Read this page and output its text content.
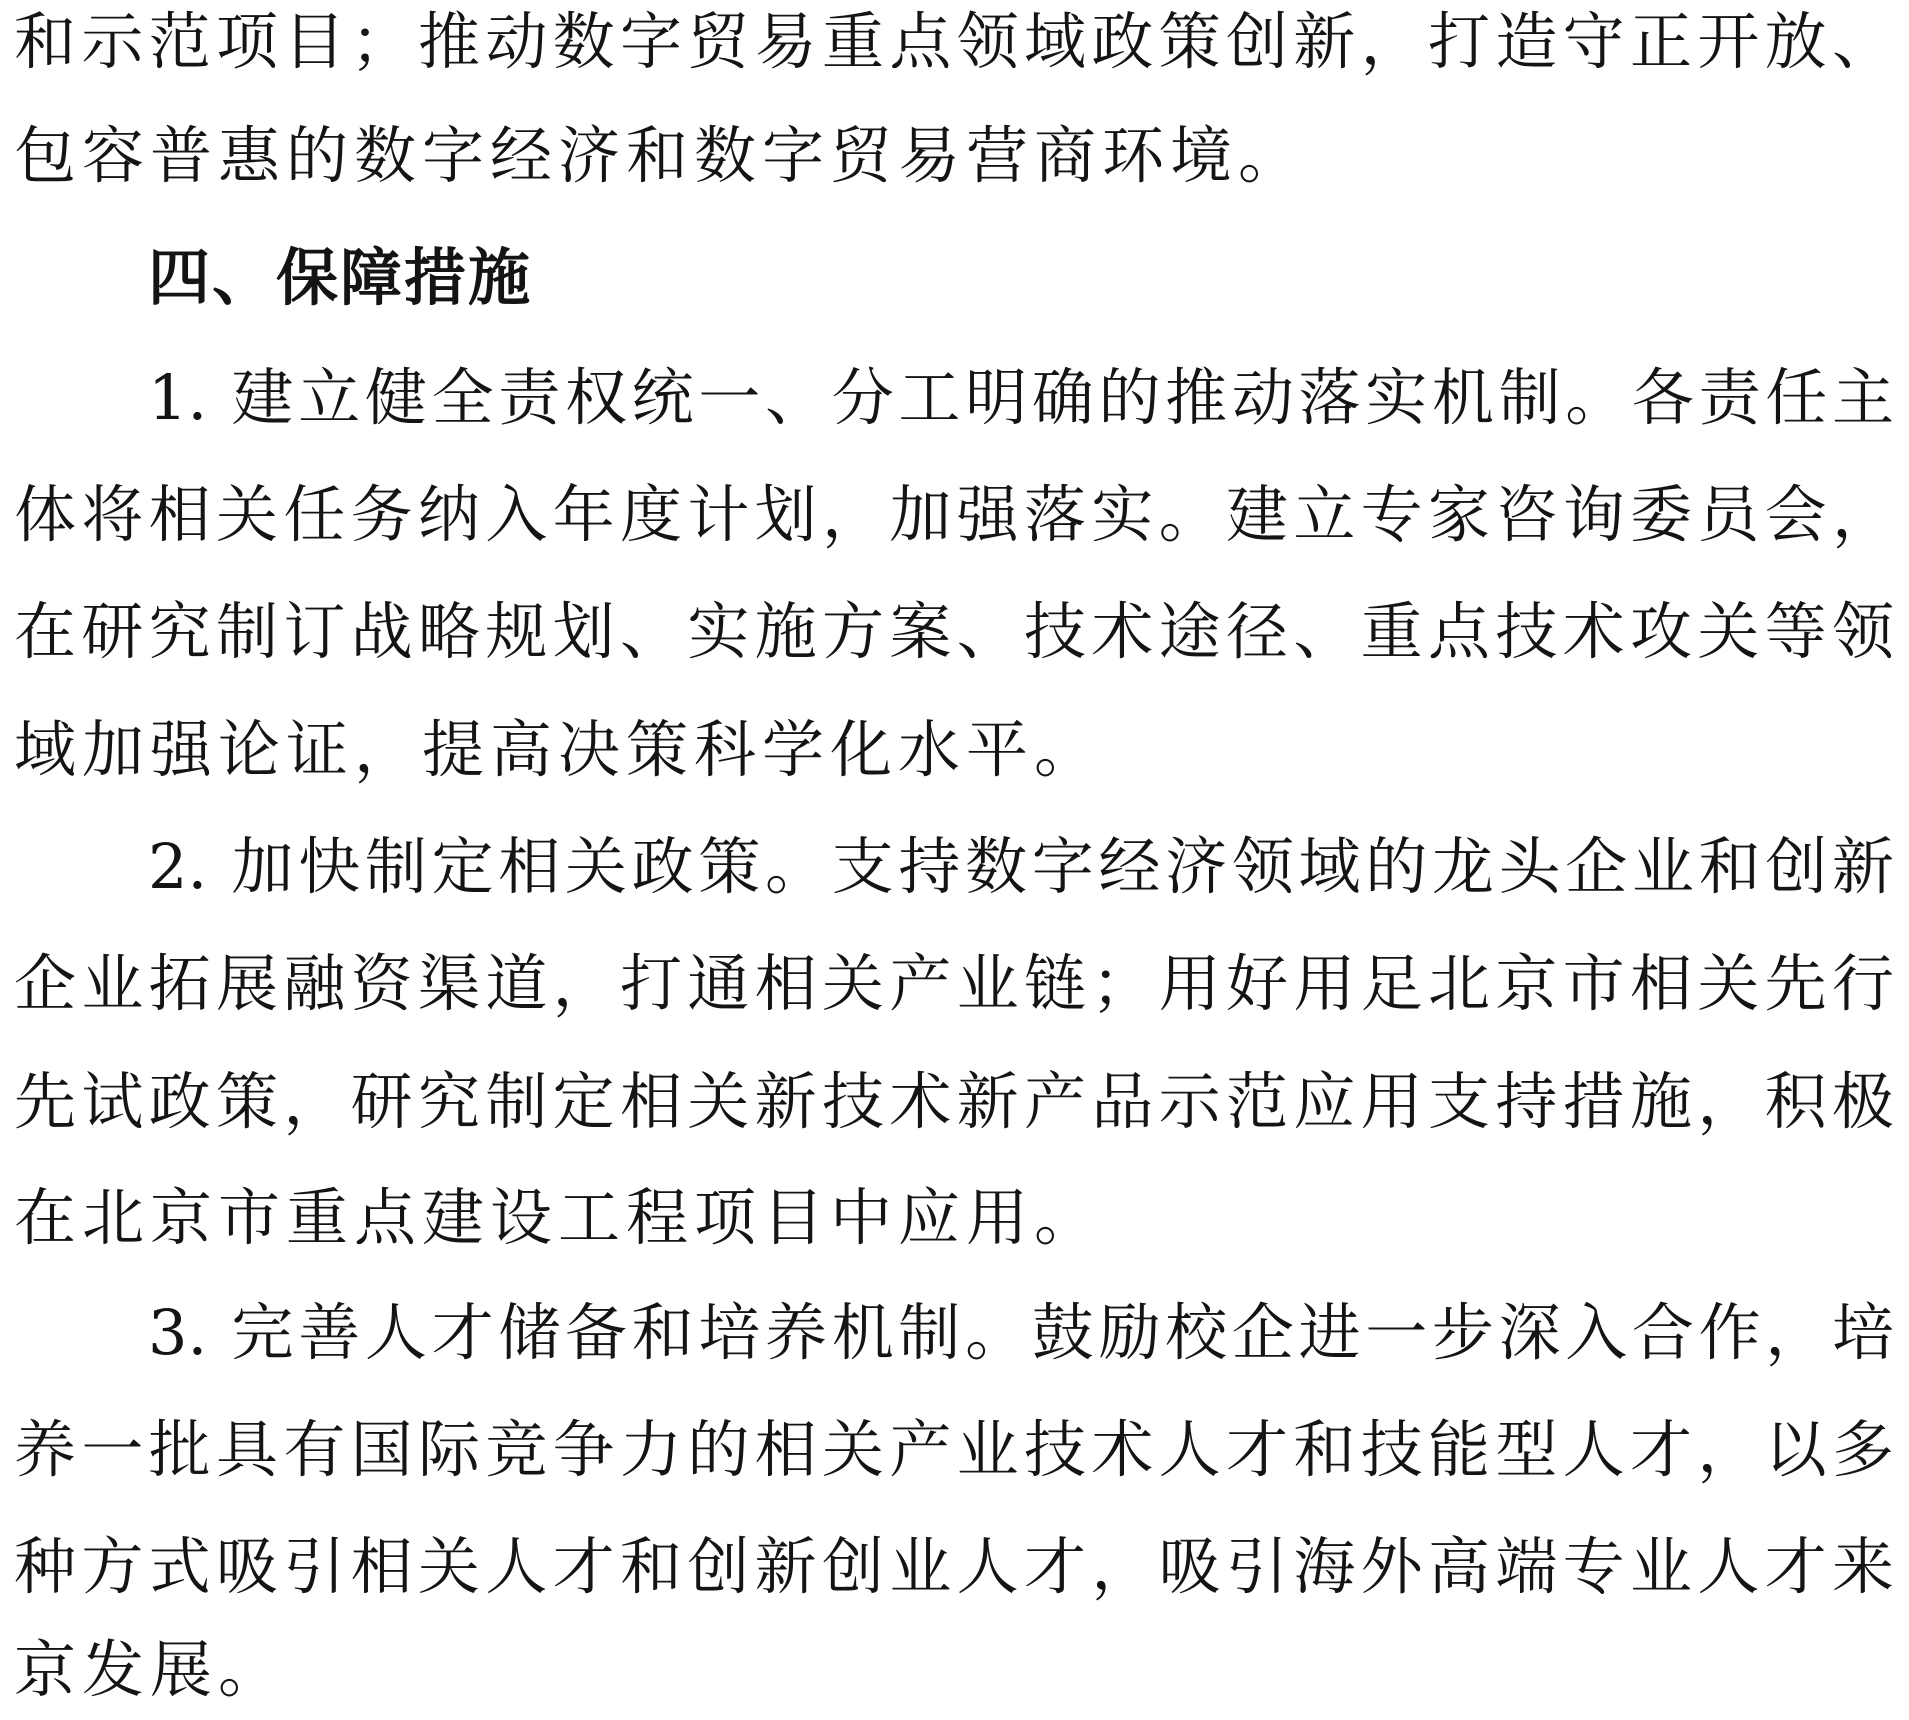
和示范项目；推动数字贸易重点领域政策创新，打造守正开放、

包容普惠的数字经济和数字贸易营商环境。

四、保障措施

1. 建立健全责权统一、分工明确的推动落实机制。各责任主

体将相关任务纳入年度计划，加强落实。建立专家咨询委员会，

在研究制订战略规划、实施方案、技术途径、重点技术攻关等领

域加强论证，提高决策科学化水平。

2. 加快制定相关政策。支持数字经济领域的龙头企业和创新

企业拓展融资渠道，打通相关产业链；用好用足北京市相关先行

先试政策，研究制定相关新技术新产品示范应用支持措施，积极

在北京市重点建设工程项目中应用。

3. 完善人才储备和培养机制。鼓励校企进一步深入合作，培

养一批具有国际竞争力的相关产业技术人才和技能型人才，以多

种方式吸引相关人才和创新创业人才，吸引海外高端专业人才来

京发展。
